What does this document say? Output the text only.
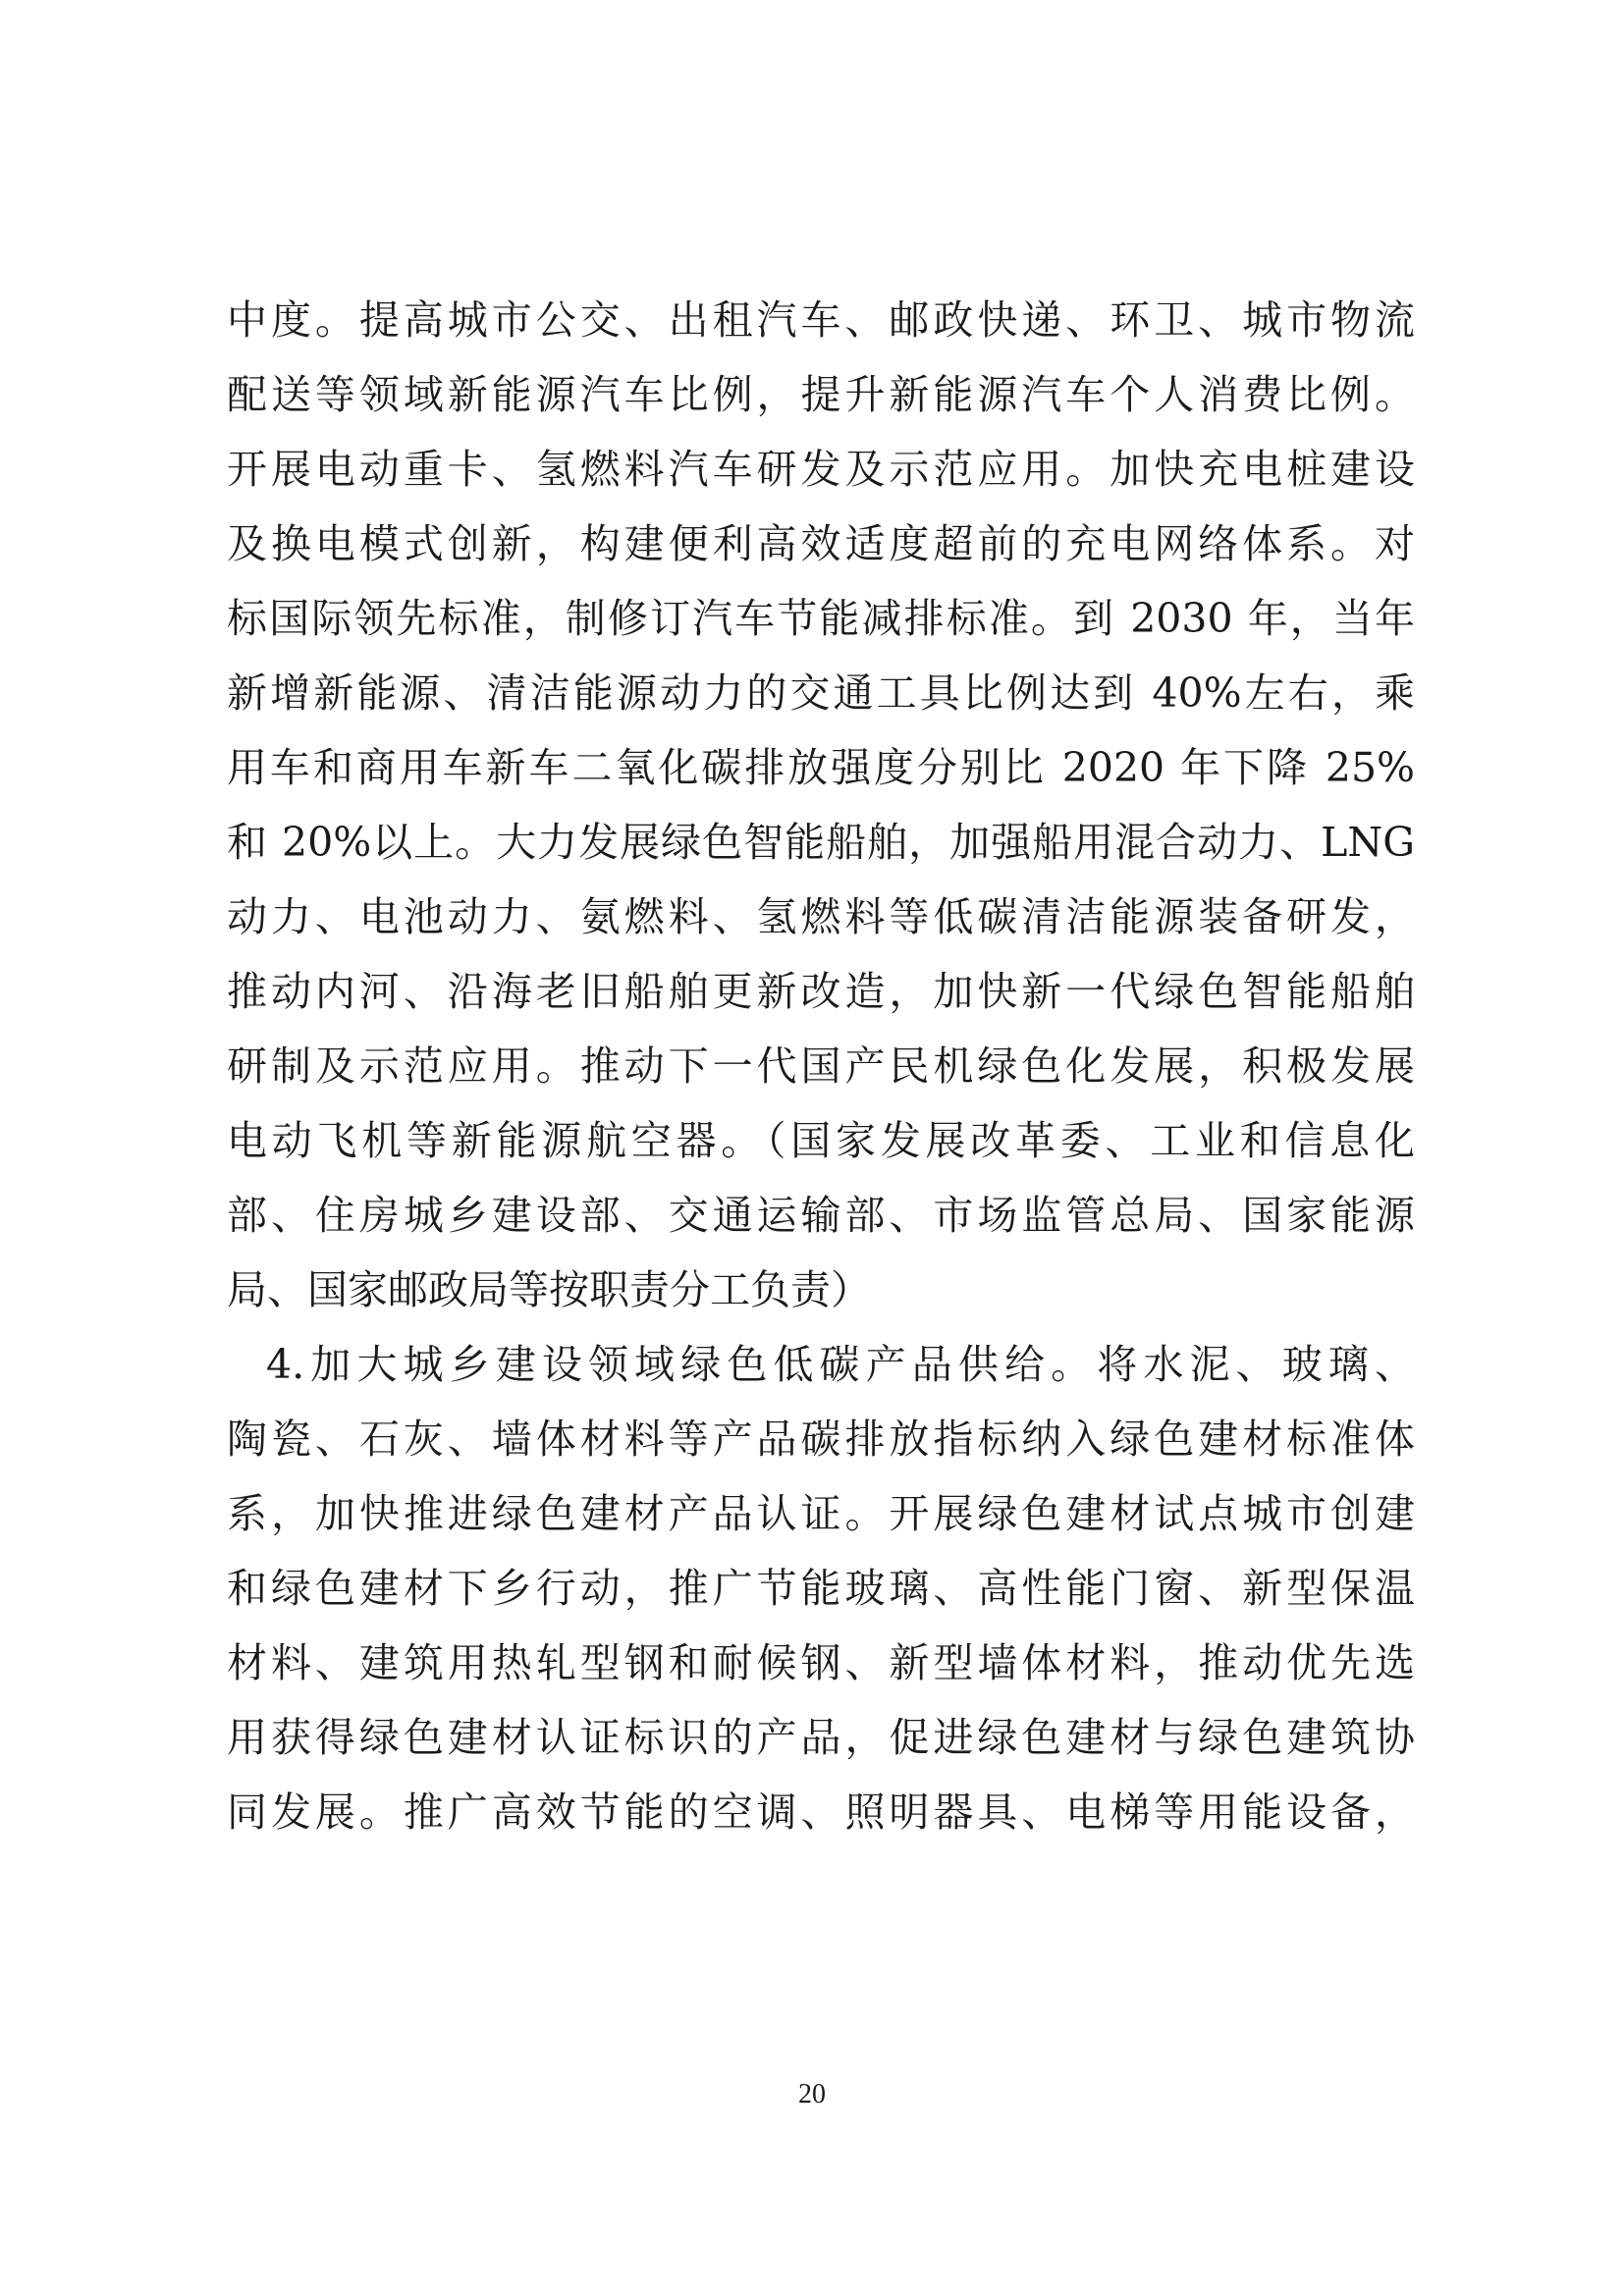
中度。提高城市公交、出租汽车、邮政快递、环卫、城市物流
配送等领域新能源汽车比例，提升新能源汽车个人消费比例。
开展电动重卡、氢燃料汽车研发及示范应用。加快充电桩建设
及换电模式创新，构建便利高效适度超前的充电网络体系。对
标国际领先标准，制修订汽车节能减排标准。到 2030 年，当年
新增新能源、清洁能源动力的交通工具比例达到 40%左右，乘
用车和商用车新车二氧化碳排放强度分别比 2020 年下降 25%
和 20%以上。大力发展绿色智能船舶，加强船用混合动力、LNG
动力、电池动力、氨燃料、氢燃料等低碳清洁能源装备研发，
推动内河、沿海老旧船舶更新改造，加快新一代绿色智能船舶
研制及示范应用。推动下一代国产民机绿色化发展，积极发展
电动飞机等新能源航空器。（国家发展改革委、工业和信息化
部、住房城乡建设部、交通运输部、市场监管总局、国家能源
局、国家邮政局等按职责分工负责）
4.加大城乡建设领域绿色低碳产品供给。将水泥、玻璃、
陶瓷、石灰、墙体材料等产品碳排放指标纳入绿色建材标准体
系，加快推进绿色建材产品认证。开展绿色建材试点城市创建
和绿色建材下乡行动，推广节能玻璃、高性能门窗、新型保温
材料、建筑用热轧型钢和耐候钢、新型墙体材料，推动优先选
用获得绿色建材认证标识的产品，促进绿色建材与绿色建筑协
同发展。推广高效节能的空调、照明器具、电梯等用能设备，
20
